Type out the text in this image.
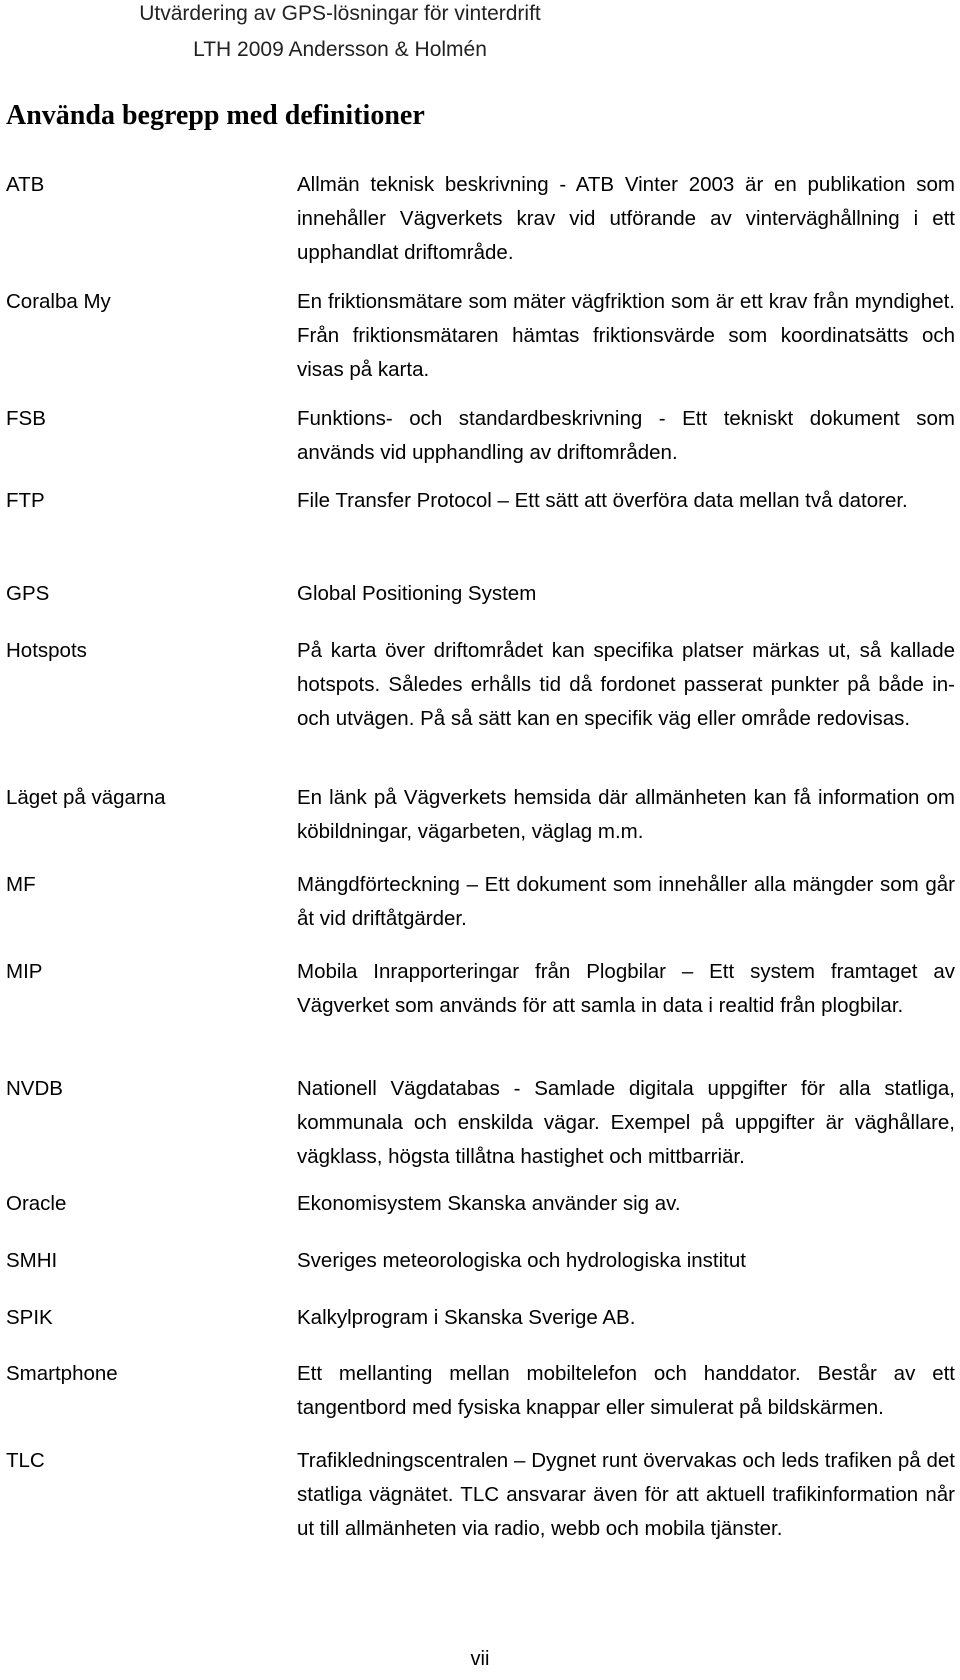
Utvärdering av GPS-lösningar för vinterdrift
LTH 2009 Andersson & Holmén
Använda begrepp med definitioner
ATB	Allmän teknisk beskrivning - ATB Vinter 2003 är en publikation som innehåller Vägverkets krav vid utförande av vinterväghållning i ett upphandlat driftområde.
Coralba My	En friktionsmätare som mäter vägfriktion som är ett krav från myndighet. Från friktionsmätaren hämtas friktionsvärde som koordinatsätts och visas på karta.
FSB	Funktions- och standardbeskrivning - Ett tekniskt dokument som används vid upphandling av driftområden.
FTP	File Transfer Protocol – Ett sätt att överföra data mellan två datorer.
GPS	Global Positioning System
Hotspots	På karta över driftområdet kan specifika platser märkas ut, så kallade hotspots. Således erhålls tid då fordonet passerat punkter på både in- och utvägen. På så sätt kan en specifik väg eller område redovisas.
Läget på vägarna	En länk på Vägverkets hemsida där allmänheten kan få information om köbildningar, vägarbeten, väglag m.m.
MF	Mängdförteckning – Ett dokument som innehåller alla mängder som går åt vid driftåtgärder.
MIP	Mobila Inrapporteringar från Plogbilar – Ett system framtaget av Vägverket som används för att samla in data i realtid från plogbilar.
NVDB	Nationell Vägdatabas - Samlade digitala uppgifter för alla statliga, kommunala och enskilda vägar. Exempel på uppgifter är väghållare, vägklass, högsta tillåtna hastighet och mittbarriär.
Oracle	Ekonomisystem Skanska använder sig av.
SMHI	Sveriges meteorologiska och hydrologiska institut
SPIK	Kalkylprogram i Skanska Sverige AB.
Smartphone	Ett mellanting mellan mobiltelefon och handdator. Består av ett tangentbord med fysiska knappar eller simulerat på bildskärmen.
TLC	Trafikledningscentralen – Dygnet runt övervakas och leds trafiken på det statliga vägnätet. TLC ansvarar även för att aktuell trafikinformation når ut till allmänheten via radio, webb och mobila tjänster.
vii
